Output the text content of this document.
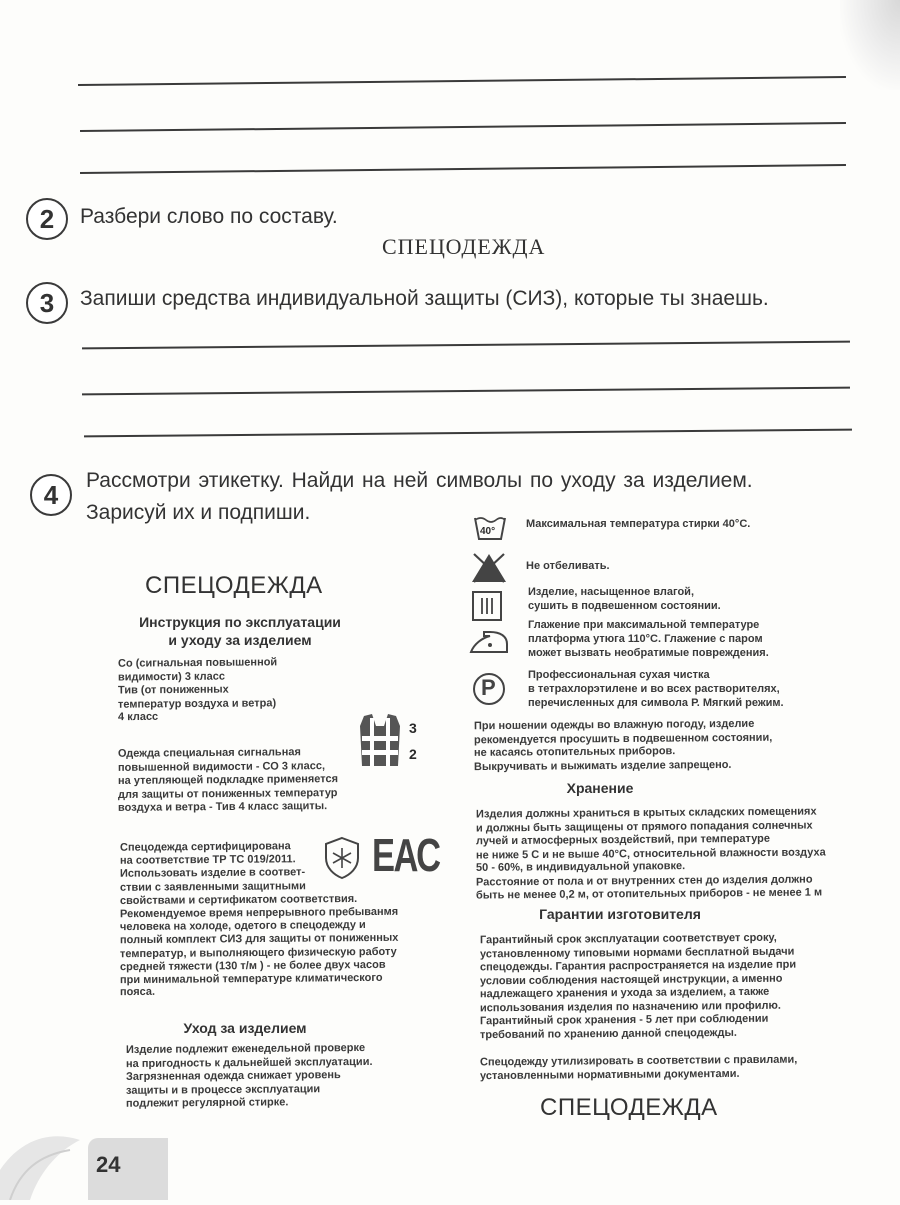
2	Разбери слово по составу.
СПЕЦОДЕЖДА
3	Запиши средства индивидуальной защиты (СИЗ), которые ты знаешь.
4	Рассмотри этикетку. Найди на ней символы по уходу за изделием.
Зарисуй их и подпиши.
СПЕЦОДЕЖДА
Инструкция по эксплуатации
и уходу за изделием
Со (сигнальная повышенной
видимости) 3 класс
Тив (от пониженных
температур воздуха и ветра)
4 класс
3
2
Одежда специальная сигнальная
повышенной видимости - СО 3 класс,
на утепляющей подкладке применяется
для защиты от пониженных температур
воздуха и ветра - Тив 4 класс защиты.
ЕАС
Спецодежда сертифицирована
на соответствие ТР ТС 019/2011.
Использовать изделие в соответ-
ствии с заявленными защитными
свойствами и сертификатом соответствия.
Рекомендуемое время непрерывного пребыванмя
человека на холоде, одетого в спецодежду и
полный комплект СИЗ для защиты от пониженных
температур, и выполняющего физическую работу
средней тяжести (130 т/м ) - не более двух часов
при минимальной температуре климатического
пояса.
Уход за изделием
Изделие подлежит еженедельной проверке
на пригодность к дальнейшей эксплуатации.
Загрязненная одежда снижает уровень
защиты и в процессе эксплуатации
подлежит регулярной стирке.
40°
Максимальная температура стирки 40°С.
Не отбеливать.
Изделие, насыщенное влагой,
сушить в подвешенном состоянии.
Глажение при максимальной температуре
платформа утюга 110°С. Глажение с паром
может вызвать необратимые повреждения.
P	Профессиональная сухая чистка
в тетрахлорэтилене и во всех растворителях,
перечисленных для символа Р. Мягкий режим.
При ношении одежды во влажную погоду, изделие
рекомендуется просушить в подвешенном состоянии,
не касаясь отопительных приборов.
Выкручивать и выжимать изделие запрещено.
Хранение
Изделия должны храниться в крытых складских помещениях
и должны быть защищены от прямого попадания солнечных
лучей и атмосферных воздействий, при температуре
не ниже 5 С и не выше 40°С, относительной влажности воздуха
50 - 60%, в индивидуальной упаковке.
Расстояние от пола и от внутренних стен до изделия должно
быть не менее 0,2 м, от отопительных приборов - не менее 1 м
Гарантии изготовителя
Гарантийный срок эксплуатации соответствует сроку,
установленному типовыми нормами бесплатной выдачи
спецодежды. Гарантия распространяется на изделие при
условии соблюдения настоящей инструкции, а именно
надлежащего хранения и ухода за изделием, а также
использования изделия по назначению или профилю.
Гарантийный срок хранения - 5 лет при соблюдении
требований по хранению данной спецодежды.
Спецодежду утилизировать в соответствии с правилами,
установленными нормативными документами.
СПЕЦОДЕЖДА
24
